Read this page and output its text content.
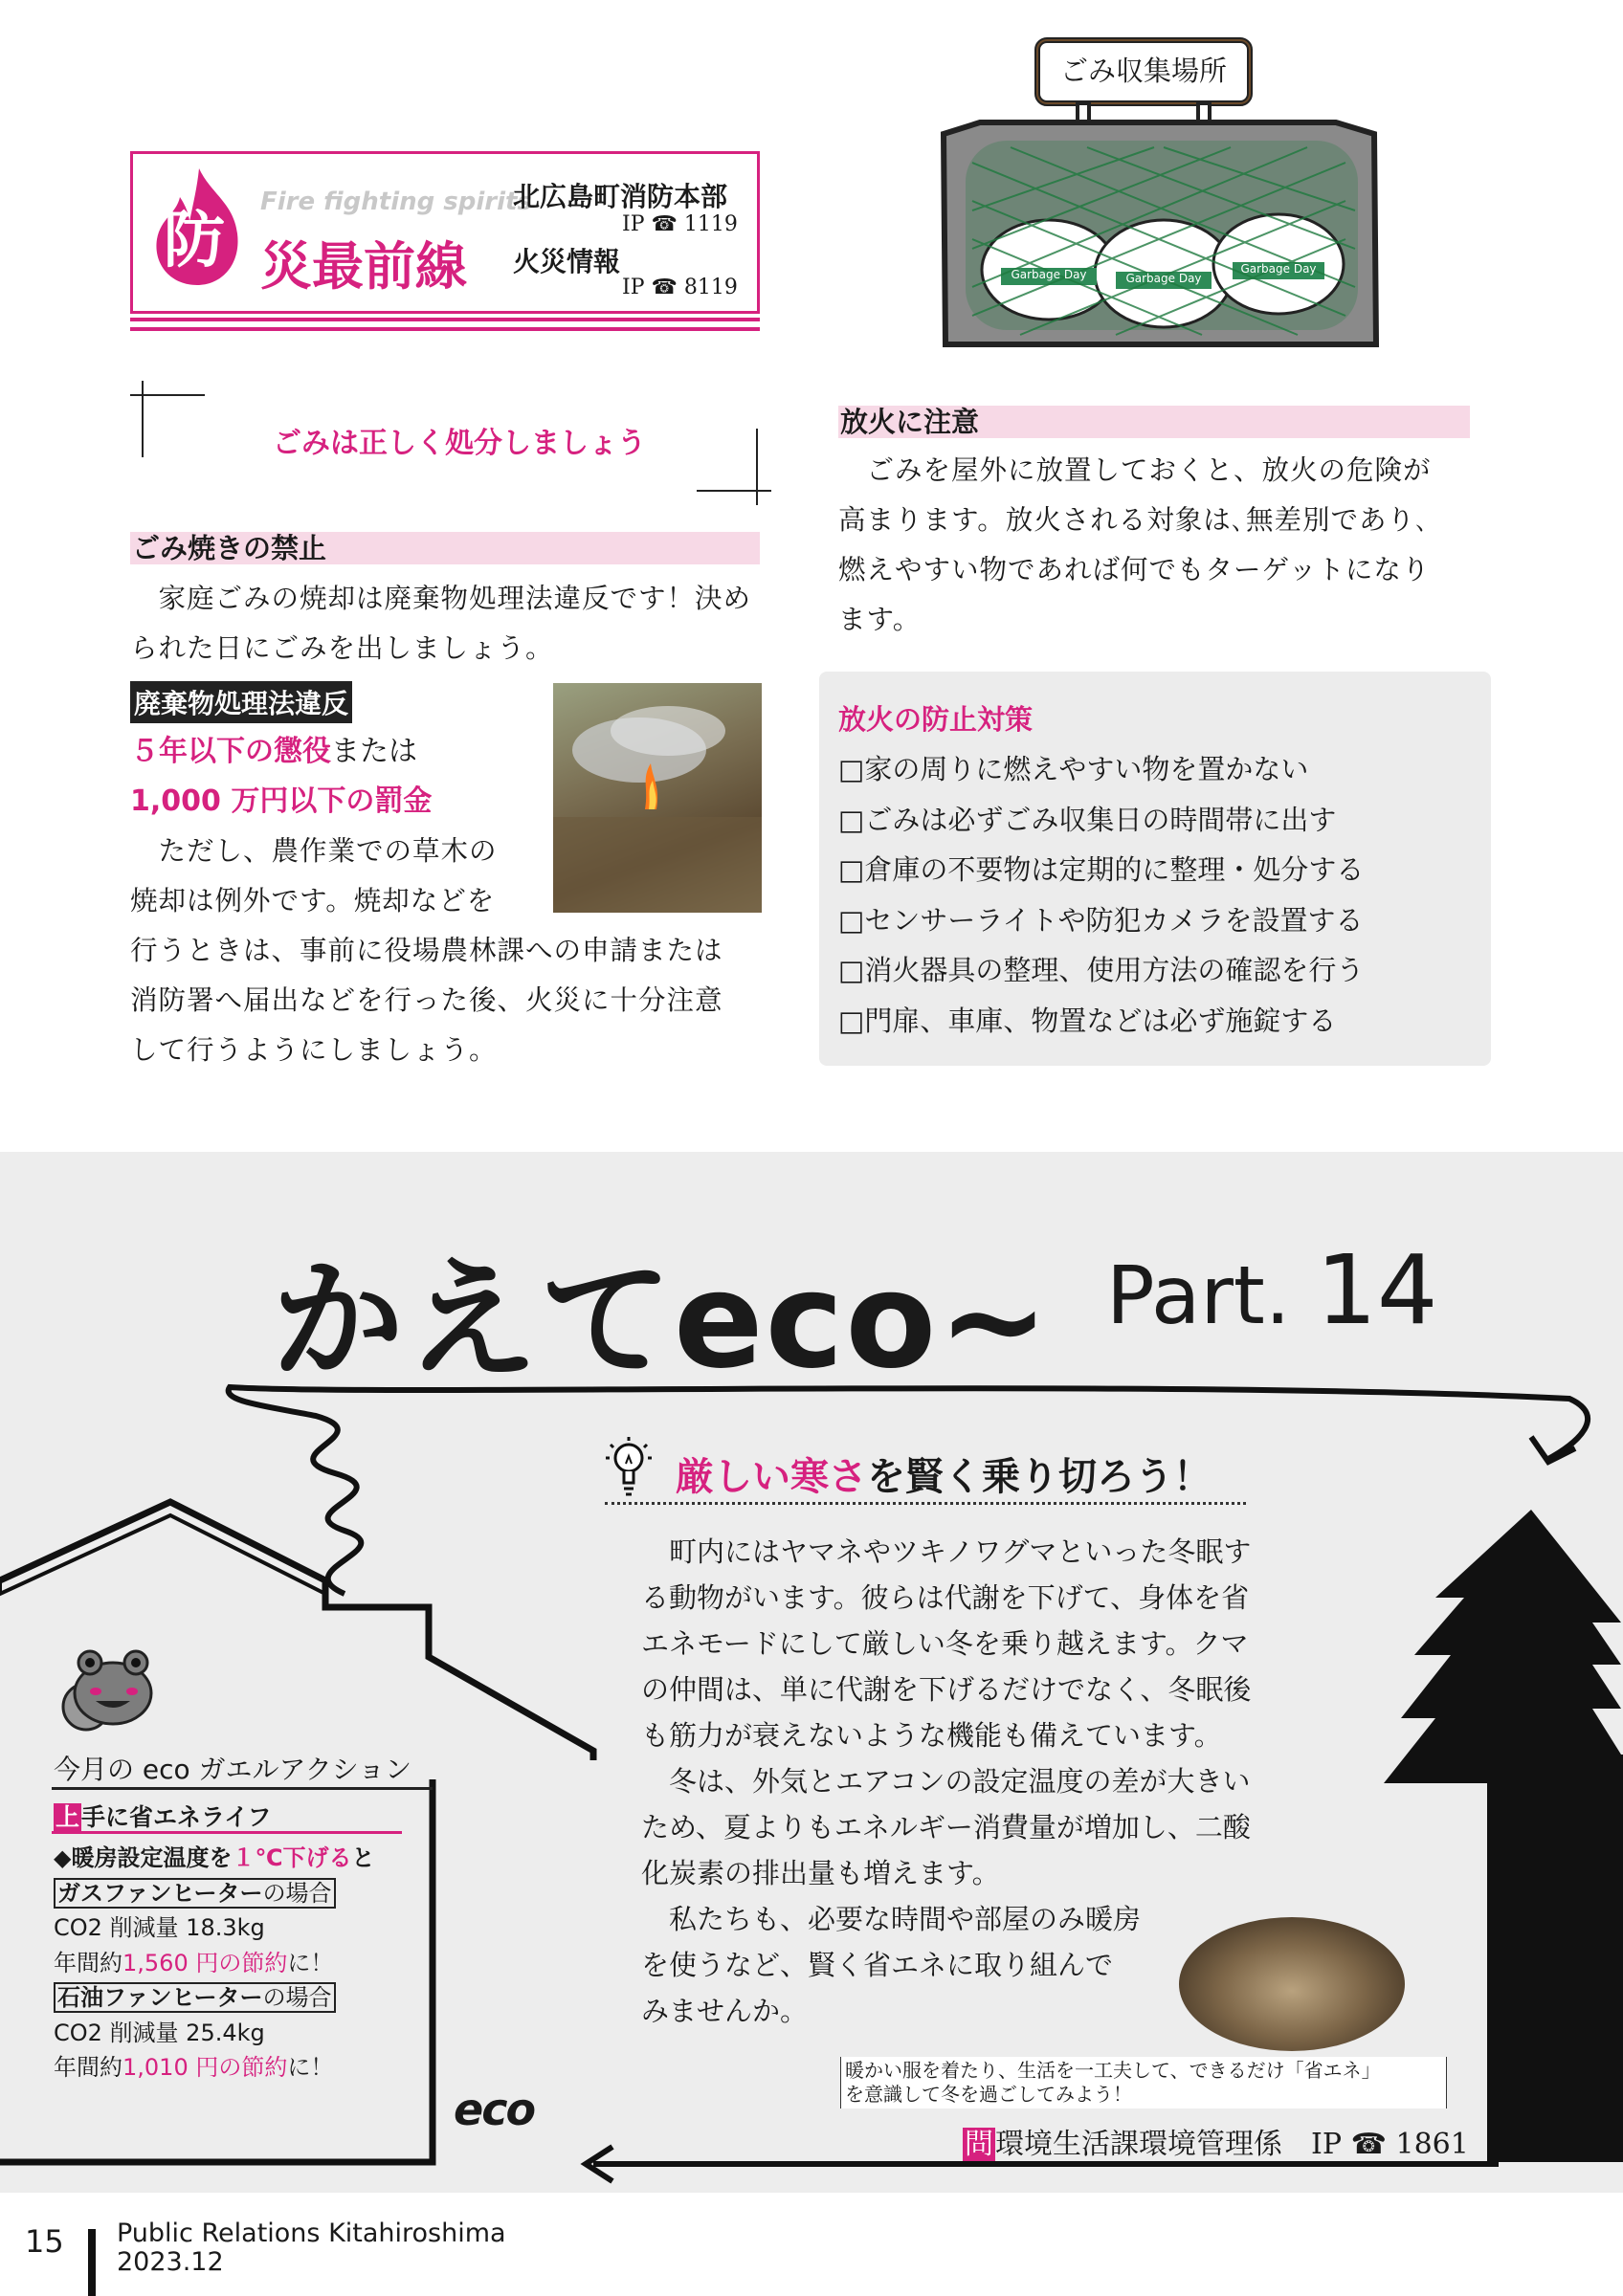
防
Fire fighting spirits
災最前線
北広島町消防本部
IP ☎ 1119
火災情報
IP ☎ 8119
ごみ収集場所
Garbage Day	Garbage Day
Garbage Day
ごみは正しく処分しましょう
ごみ焼きの禁止
　家庭ごみの焼却は廃棄物処理法違反です！決められた日にごみを出しましょう。
廃棄物処理法違反
５年以下の懲役または
1,000 万円以下の罰金
　ただし、農作業での草木の
焼却は例外です。焼却などを
行うときは、事前に役場農林課への申請または
消防署へ届出などを行った後、火災に十分注意
して行うようにしましょう。
放火に注意
　ごみを屋外に放置しておくと、放火の危険が
高まります。放火される対象は､無差別であり､
燃えやすい物であれば何でもターゲットになり
ます。
放火の防止対策
□家の周りに燃えやすい物を置かない
□ごみは必ずごみ収集日の時間帯に出す
□倉庫の不要物は定期的に整理・処分する
□センサーライトや防犯カメラを設置する
□消火器具の整理、使用方法の確認を行う
□門扉、車庫、物置などは必ず施錠する
かえてeco~ Part. 14
厳しい寒さを賢く乗り切ろう！
　町内にはヤマネやツキノワグマといった冬眠す
る動物がいます。彼らは代謝を下げて、身体を省
エネモードにして厳しい冬を乗り越えます。クマ
の仲間は、単に代謝を下げるだけでなく、冬眠後
も筋力が衰えないような機能も備えています。
　冬は、外気とエアコンの設定温度の差が大きい
ため、夏よりもエネルギー消費量が増加し、二酸
化炭素の排出量も増えます。
　私たちも、必要な時間や部屋のみ暖房
を使うなど、賢く省エネに取り組んで
みませんか。
暖かい服を着たり、生活を一工夫して、できるだけ「省エネ」
を意識して冬を過ごしてみよう！
問環境生活課環境管理係　IP ☎ 1861
今月の eco ガエルアクション
上手に省エネライフ
◆暖房設定温度を１℃下げると
ガスファンヒーターの場合
CO2 削減量 18.3kg
年間約1,560 円の節約に！
石油ファンヒーターの場合
CO2 削減量 25.4kg
年間約1,010 円の節約に！
eco
15 Public Relations Kitahiroshima
2023.12
